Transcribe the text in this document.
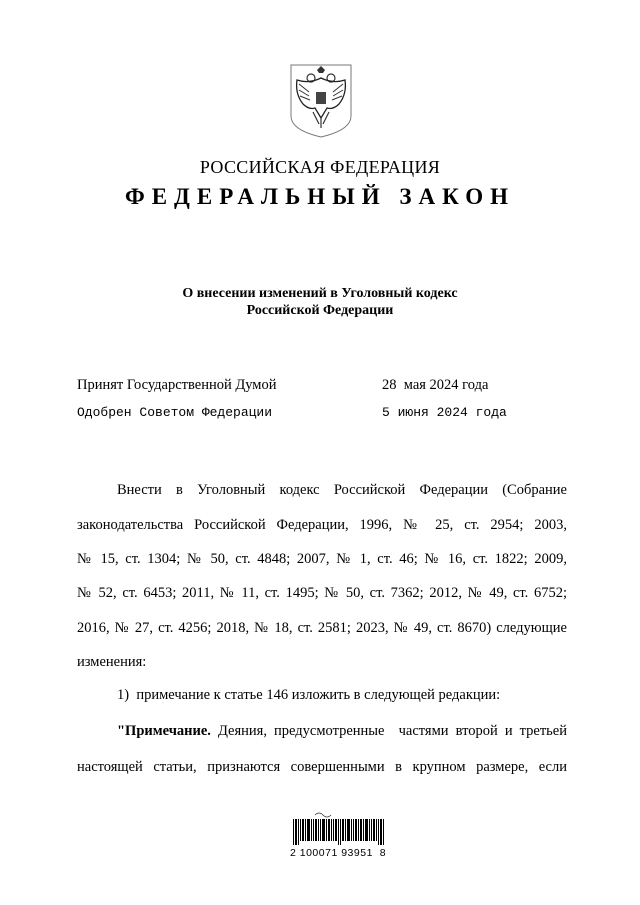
РОССИЙСКАЯ ФЕДЕРАЦИЯ
ФЕДЕРАЛЬНЫЙ ЗАКОН
О внесении изменений в Уголовный кодекс
Российской Федерации
Принят Государственной Думой	28  мая 2024 года
Одобрен Советом Федерации	5 июня 2024 года
Внести в Уголовный кодекс Российской Федерации (Собрание
законодательства Российской Федерации, 1996, № 25, ст. 2954; 2003,
№ 15, ст. 1304; № 50, ст. 4848; 2007, № 1, ст. 46; № 16, ст. 1822; 2009,
№ 52, ст. 6453; 2011, № 11, ст. 1495; № 50, ст. 7362; 2012, № 49, ст. 6752;
2016, № 27, ст. 4256; 2018, № 18, ст. 2581; 2023, № 49, ст. 8670) следующие
изменения:
1)  примечание к статье 146 изложить в следующей редакции:
"Примечание. Деяния, предусмотренные  частями второй и третьей
настоящей статьи, признаются совершенными в крупном размере, если
2 100071 93951  8
